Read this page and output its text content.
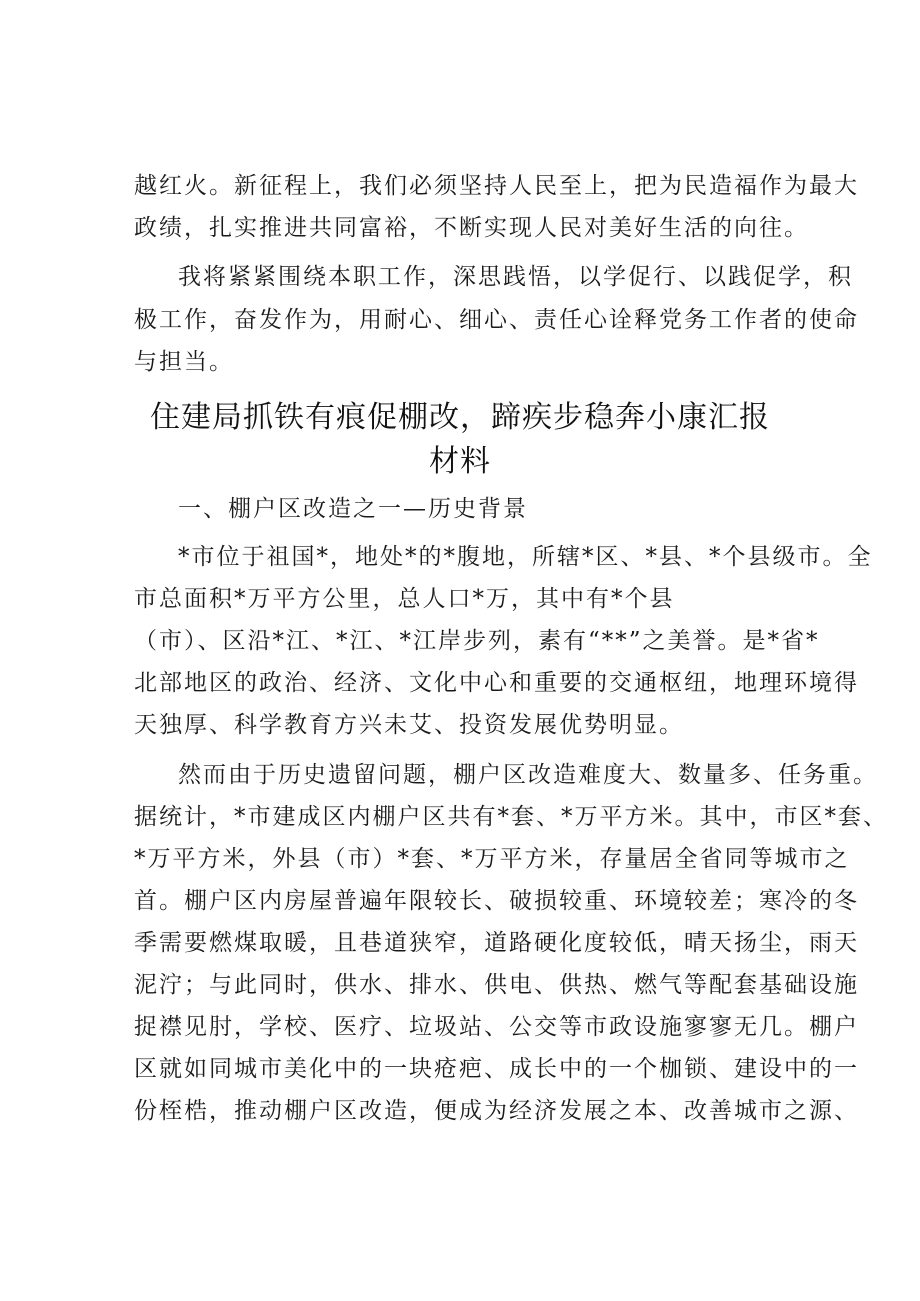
越红火。新征程上，我们必须坚持人民至上，把为民造福作为最大
政绩，扎实推进共同富裕，不断实现人民对美好生活的向往。
我将紧紧围绕本职工作，深思践悟，以学促行、以践促学，积
极工作，奋发作为，用耐心、细心、责任心诠释党务工作者的使命
与担当。
住建局抓铁有痕促棚改，蹄疾步稳奔小康汇报
材料
一、棚户区改造之一—历史背景
*市位于祖国*，地处*的*腹地，所辖*区、*县、*个县级市。全
市总面积*万平方公里，总人口*万，其中有*个县
（市）、区沿*江、*江、*江岸步列，素有“**”之美誉。是*省*
北部地区的政治、经济、文化中心和重要的交通枢纽，地理环境得
天独厚、科学教育方兴未艾、投资发展优势明显。
然而由于历史遗留问题，棚户区改造难度大、数量多、任务重。
据统计，*市建成区内棚户区共有*套、*万平方米。其中，市区*套、
*万平方米，外县（市）*套、*万平方米，存量居全省同等城市之
首。棚户区内房屋普遍年限较长、破损较重、环境较差；寒冷的冬
季需要燃煤取暖，且巷道狭窄，道路硬化度较低，晴天扬尘，雨天
泥泞；与此同时，供水、排水、供电、供热、燃气等配套基础设施
捉襟见肘，学校、医疗、垃圾站、公交等市政设施寥寥无几。棚户
区就如同城市美化中的一块疮疤、成长中的一个枷锁、建设中的一
份桎梏，推动棚户区改造，便成为经济发展之本、改善城市之源、
